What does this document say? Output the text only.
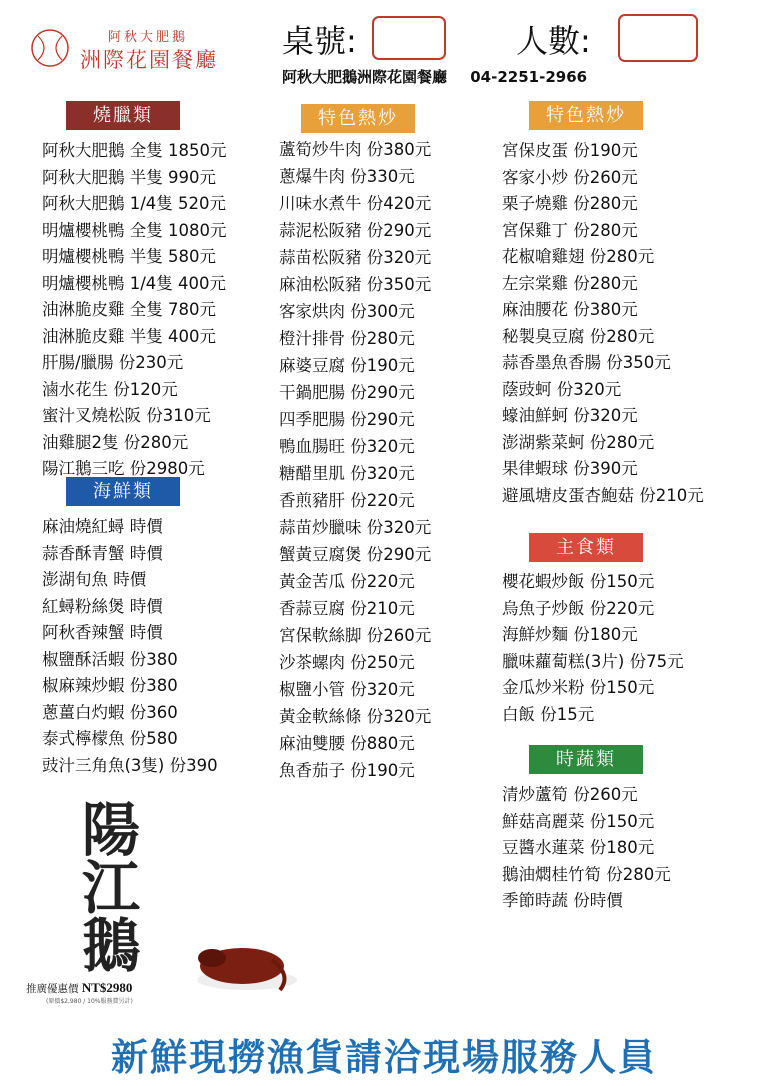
阿秋大肥鵝
洲際花園餐廳 桌號:	人數:
阿秋大肥鵝洲際花園餐廳 04-2251-2966
燒臘類
海鮮類
特色熱炒	特色熱炒
主食類
時蔬類
阿秋大肥鵝 全隻 1850元
阿秋大肥鵝 半隻 990元
阿秋大肥鵝 1/4隻 520元
明爐櫻桃鴨 全隻 1080元
明爐櫻桃鴨 半隻 580元
明爐櫻桃鴨 1/4隻 400元
油淋脆皮雞 全隻 780元
油淋脆皮雞 半隻 400元
肝腸/臘腸 份230元
滷水花生 份120元
蜜汁叉燒松阪 份310元
油雞腿2隻 份280元
陽江鵝三吃 份2980元
麻油燒紅蟳 時價
蒜香酥青蟹 時價
澎湖旬魚 時價
紅蟳粉絲煲 時價
阿秋香辣蟹 時價
椒鹽酥活蝦 份380
椒麻辣炒蝦 份380
蔥薑白灼蝦 份360
泰式檸檬魚 份580
豉汁三角魚(3隻) 份390
蘆筍炒牛肉 份380元
蔥爆牛肉 份330元
川味水煮牛 份420元
蒜泥松阪豬 份290元
蒜苗松阪豬 份320元
麻油松阪豬 份350元
客家烘肉 份300元
橙汁排骨 份280元
麻婆豆腐 份190元
干鍋肥腸 份290元
四季肥腸 份290元
鴨血腸旺 份320元
糖醋里肌 份320元
香煎豬肝 份220元
蒜苗炒臘味 份320元
蟹黃豆腐煲 份290元
黃金苦瓜 份220元
香蒜豆腐 份210元
宮保軟絲脚 份260元
沙茶螺肉 份250元
椒鹽小管 份320元
黃金軟絲條 份320元
麻油雙腰 份880元
魚香茄子 份190元
宮保皮蛋 份190元
客家小炒 份260元
栗子燒雞 份280元
宮保雞丁 份280元
花椒嗆雞翅 份280元
左宗棠雞 份280元
麻油腰花 份380元
秘製臭豆腐 份280元
蒜香墨魚香腸 份350元
蔭豉蚵 份320元
蠔油鮮蚵 份320元
澎湖紫菜蚵 份280元
果律蝦球 份390元
避風塘皮蛋杏鮑菇 份210元
櫻花蝦炒飯 份150元
烏魚子炒飯 份220元
海鮮炒麵 份180元
臘味蘿蔔糕(3片) 份75元
金瓜炒米粉 份150元
白飯 份15元
清炒蘆筍 份260元
鮮菇高麗菜 份150元
豆醬水蓮菜 份180元
鵝油燜桂竹筍 份280元
季節時蔬 份時價
陽
江
鵝
推廣優惠價 NT$2980
(原價$2,980 / 10%服務費另計)
新鮮現撈漁貨請洽現場服務人員
